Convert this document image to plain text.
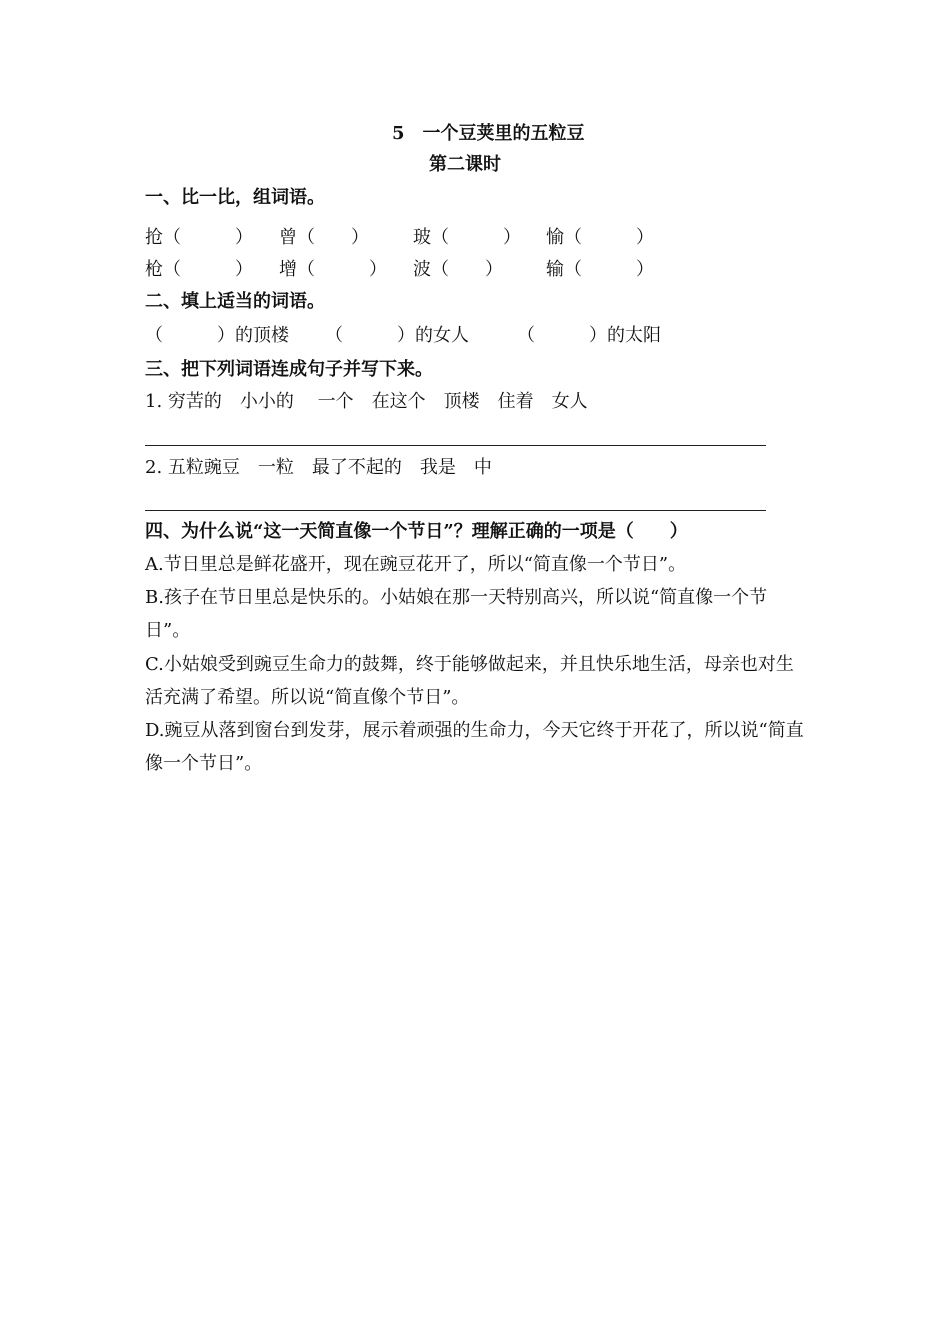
5　一个豆荚里的五粒豆
第二课时
一、比一比，组词语。
抢（　　　） 曾（　　） 玻（　　　） 愉（　　　）
枪（　　　） 增（　　　） 波（　　） 输（　　　）
二、填上适当的词语。
（　　　）的顶楼 （　　　）的女人	（　　　）的太阳
三、把下列词语连成句子并写下来。
1. 穷苦的　小小的　 一个　在这个　顶楼　住着　女人
2. 五粒豌豆　一粒　最了不起的　我是　中
四、为什么说“这一天简直像一个节日”？理解正确的一项是（　　）
A.节日里总是鲜花盛开，现在豌豆花开了，所以“简直像一个节日”。
B.孩子在节日里总是快乐的。小姑娘在那一天特别高兴，所以说“简直像一个节日”。
C.小姑娘受到豌豆生命力的鼓舞，终于能够做起来，并且快乐地生活，母亲也对生活充满了希望。所以说“简直像个节日”。
D.豌豆从落到窗台到发芽，展示着顽强的生命力，今天它终于开花了，所以说“简直像一个节日”。
